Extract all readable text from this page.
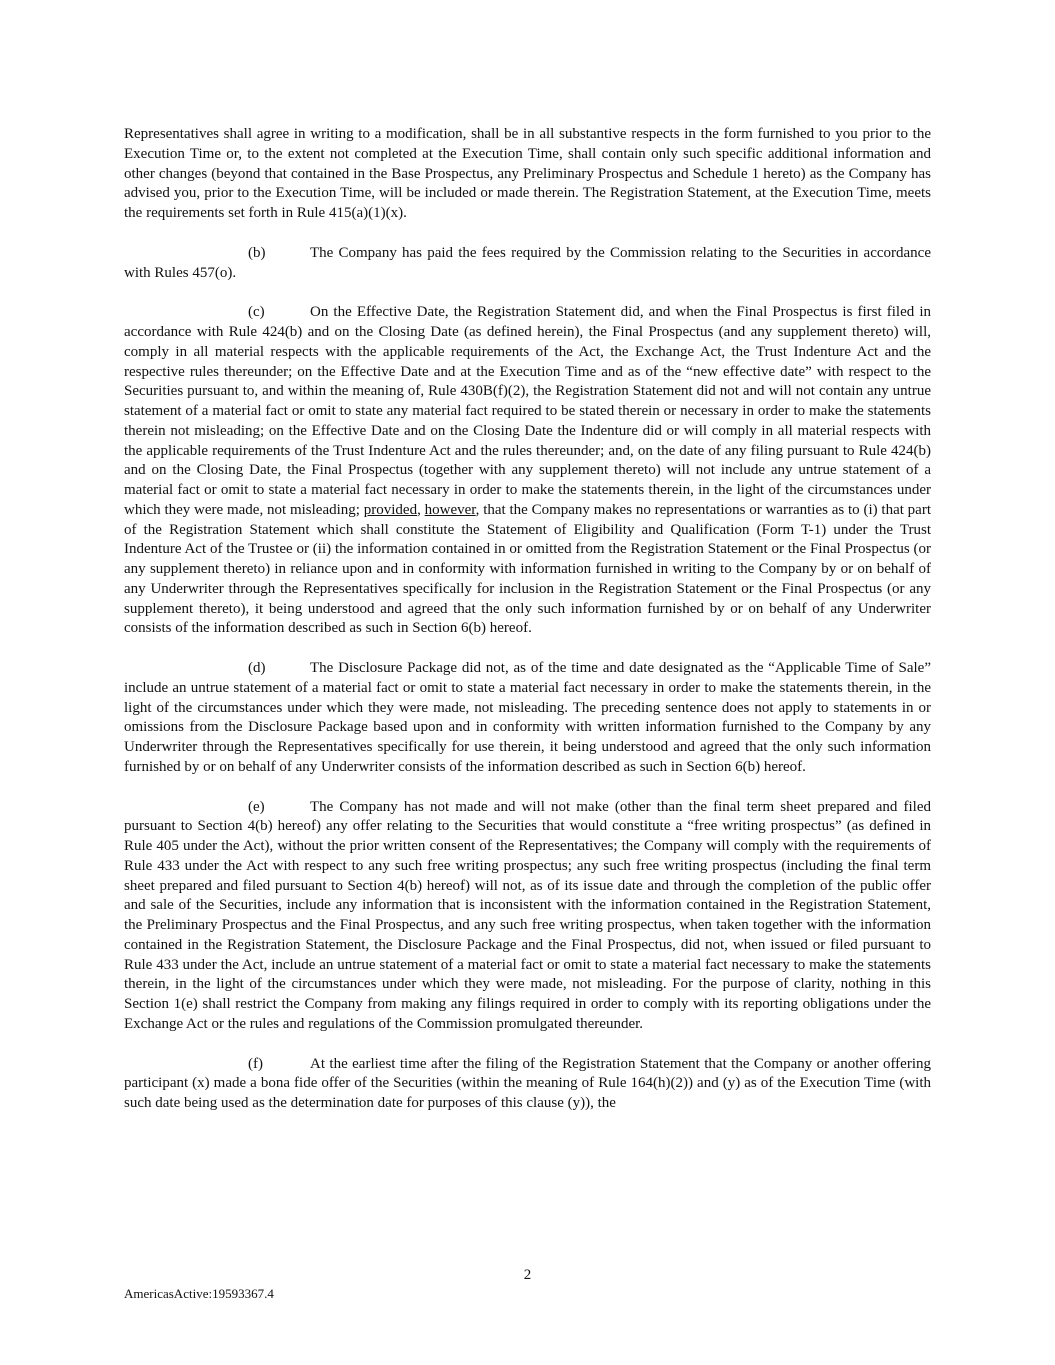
Representatives shall agree in writing to a modification, shall be in all substantive respects in the form furnished to you prior to the Execution Time or, to the extent not completed at the Execution Time, shall contain only such specific additional information and other changes (beyond that contained in the Base Prospectus, any Preliminary Prospectus and Schedule 1 hereto) as the Company has advised you, prior to the Execution Time, will be included or made therein. The Registration Statement, at the Execution Time, meets the requirements set forth in Rule 415(a)(1)(x).

(b)	The Company has paid the fees required by the Commission relating to the Securities in accordance with Rules 457(o).

(c)	On the Effective Date, the Registration Statement did, and when the Final Prospectus is first filed in accordance with Rule 424(b) and on the Closing Date (as defined herein), the Final Prospectus (and any supplement thereto) will, comply in all material respects with the applicable requirements of the Act, the Exchange Act, the Trust Indenture Act and the respective rules thereunder; on the Effective Date and at the Execution Time and as of the “new effective date” with respect to the Securities pursuant to, and within the meaning of, Rule 430B(f)(2), the Registration Statement did not and will not contain any untrue statement of a material fact or omit to state any material fact required to be stated therein or necessary in order to make the statements therein not misleading; on the Effective Date and on the Closing Date the Indenture did or will comply in all material respects with the applicable requirements of the Trust Indenture Act and the rules thereunder; and, on the date of any filing pursuant to Rule 424(b) and on the Closing Date, the Final Prospectus (together with any supplement thereto) will not include any untrue statement of a material fact or omit to state a material fact necessary in order to make the statements therein, in the light of the circumstances under which they were made, not misleading; provided, however, that the Company makes no representations or warranties as to (i) that part of the Registration Statement which shall constitute the Statement of Eligibility and Qualification (Form T-1) under the Trust Indenture Act of the Trustee or (ii) the information contained in or omitted from the Registration Statement or the Final Prospectus (or any supplement thereto) in reliance upon and in conformity with information furnished in writing to the Company by or on behalf of any Underwriter through the Representatives specifically for inclusion in the Registration Statement or the Final Prospectus (or any supplement thereto), it being understood and agreed that the only such information furnished by or on behalf of any Underwriter consists of the information described as such in Section 6(b) hereof.

(d)	The Disclosure Package did not, as of the time and date designated as the “Applicable Time of Sale” include an untrue statement of a material fact or omit to state a material fact necessary in order to make the statements therein, in the light of the circumstances under which they were made, not misleading. The preceding sentence does not apply to statements in or omissions from the Disclosure Package based upon and in conformity with written information furnished to the Company by any Underwriter through the Representatives specifically for use therein, it being understood and agreed that the only such information furnished by or on behalf of any Underwriter consists of the information described as such in Section 6(b) hereof.

(e)	The Company has not made and will not make (other than the final term sheet prepared and filed pursuant to Section 4(b) hereof) any offer relating to the Securities that would constitute a “free writing prospectus” (as defined in Rule 405 under the Act), without the prior written consent of the Representatives; the Company will comply with the requirements of Rule 433 under the Act with respect to any such free writing prospectus; any such free writing prospectus (including the final term sheet prepared and filed pursuant to Section 4(b) hereof) will not, as of its issue date and through the completion of the public offer and sale of the Securities, include any information that is inconsistent with the information contained in the Registration Statement, the Preliminary Prospectus and the Final Prospectus, and any such free writing prospectus, when taken together with the information contained in the Registration Statement, the Disclosure Package and the Final Prospectus, did not, when issued or filed pursuant to Rule 433 under the Act, include an untrue statement of a material fact or omit to state a material fact necessary to make the statements therein, in the light of the circumstances under which they were made, not misleading. For the purpose of clarity, nothing in this Section 1(e) shall restrict the Company from making any filings required in order to comply with its reporting obligations under the Exchange Act or the rules and regulations of the Commission promulgated thereunder.

(f)	At the earliest time after the filing of the Registration Statement that the Company or another offering participant (x) made a bona fide offer of the Securities (within the meaning of Rule 164(h)(2)) and (y) as of the Execution Time (with such date being used as the determination date for purposes of this clause (y)), the

2
AmericasActive:19593367.4
